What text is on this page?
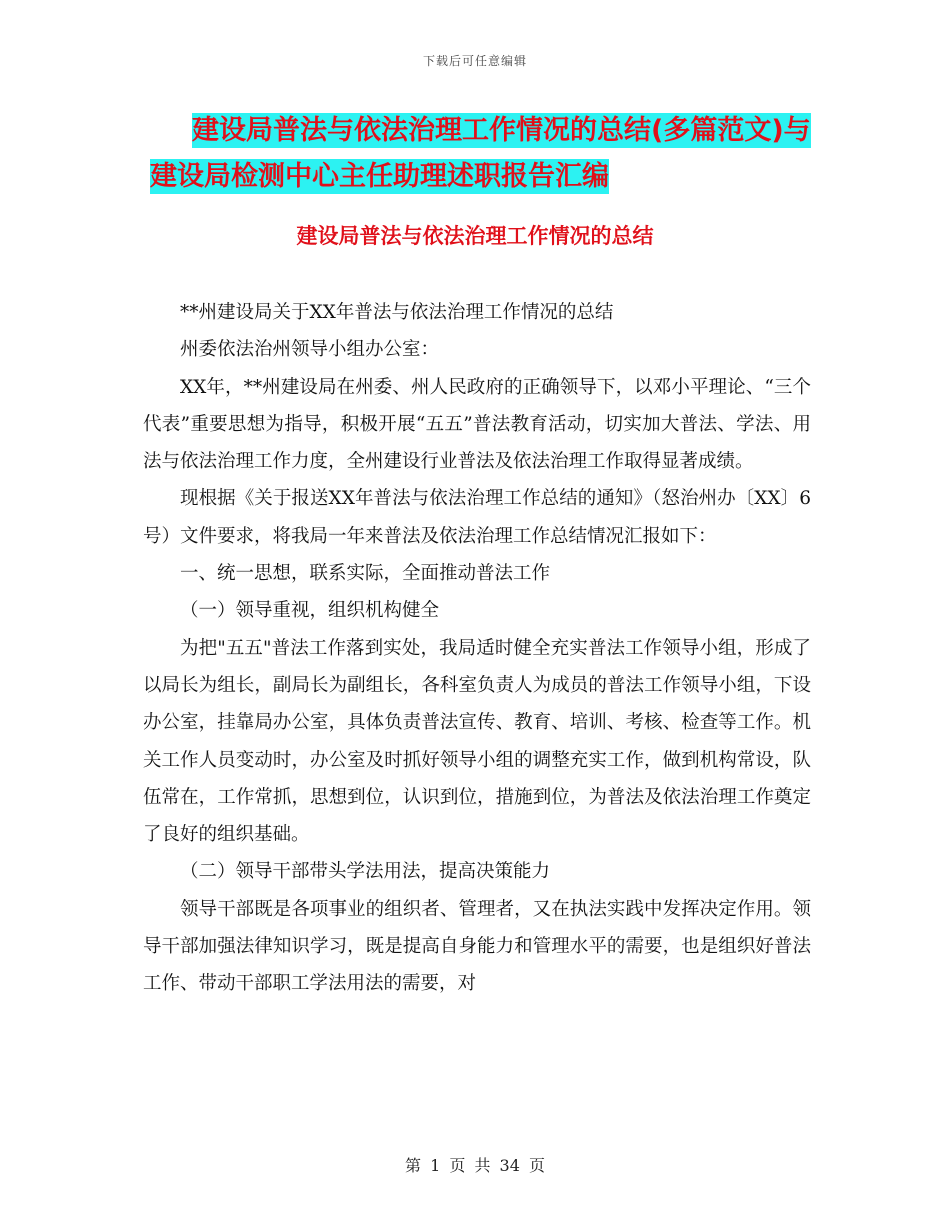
下载后可任意编辑
建设局普法与依法治理工作情况的总结(多篇范文)与
建设局检测中心主任助理述职报告汇编
建设局普法与依法治理工作情况的总结

**州建设局关于XX年普法与依法治理工作情况的总结

州委依法治州领导小组办公室：

XX年，**州建设局在州委、州人民政府的正确领导下，以邓小平理论、“三个代表”重要思想为指导，积极开展“五五”普法教育活动，切实加大普法、学法、用法与依法治理工作力度，全州建设行业普法及依法治理工作取得显著成绩。

现根据《关于报送XX年普法与依法治理工作总结的通知》（怒治州办〔XX〕6号）文件要求，将我局一年来普法及依法治理工作总结情况汇报如下：

一、统一思想，联系实际，全面推动普法工作

（一）领导重视，组织机构健全

为把"五五"普法工作落到实处，我局适时健全充实普法工作领导小组，形成了以局长为组长，副局长为副组长，各科室负责人为成员的普法工作领导小组，下设办公室，挂靠局办公室，具体负责普法宣传、教育、培训、考核、检查等工作。机关工作人员变动时，办公室及时抓好领导小组的调整充实工作，做到机构常设，队伍常在，工作常抓，思想到位，认识到位，措施到位，为普法及依法治理工作奠定了良好的组织基础。

（二）领导干部带头学法用法，提高决策能力

领导干部既是各项事业的组织者、管理者，又在执法实践中发挥决定作用。领导干部加强法律知识学习，既是提高自身能力和管理水平的需要，也是组织好普法工作、带动干部职工学法用法的需要，对

第 1 页 共 34 页
